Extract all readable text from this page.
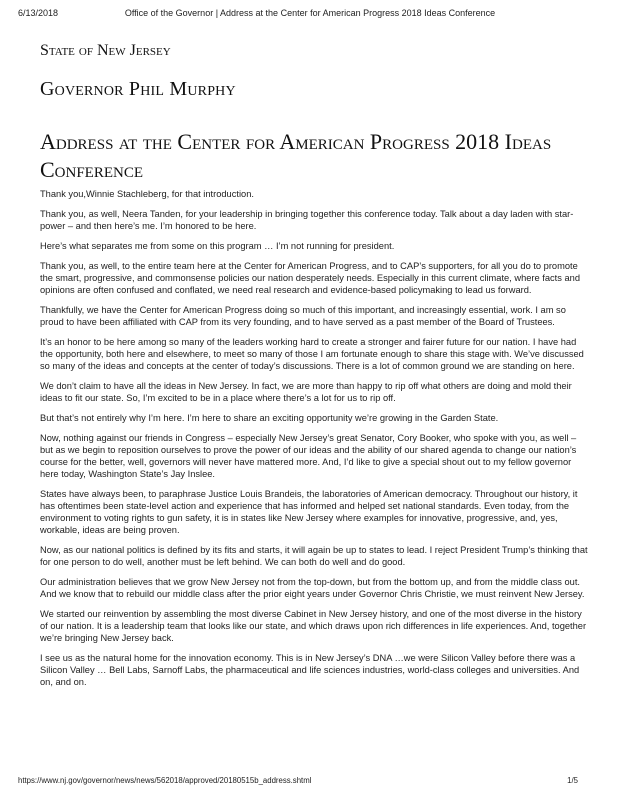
6/13/2018	Office of the Governor | Address at the Center for American Progress 2018 Ideas Conference
State of New Jersey
Governor Phil Murphy
Address at the Center for American Progress 2018 Ideas Conference

Thank you,Winnie Stachleberg, for that introduction.

Thank you, as well, Neera Tanden, for your leadership in bringing together this conference today. Talk about a day laden with star-power – and then here’s me. I’m honored to be here.

Here’s what separates me from some on this program … I’m not running for president.

Thank you, as well, to the entire team here at the Center for American Progress, and to CAP’s supporters, for all you do to promote the smart, progressive, and commonsense policies our nation desperately needs. Especially in this current climate, where facts and opinions are often confused and conflated, we need real research and evidence-based policymaking to lead us forward.

Thankfully, we have the Center for American Progress doing so much of this important, and increasingly essential, work. I am so proud to have been affiliated with CAP from its very founding, and to have served as a past member of the Board of Trustees.

It’s an honor to be here among so many of the leaders working hard to create a stronger and fairer future for our nation. I have had the opportunity, both here and elsewhere, to meet so many of those I am fortunate enough to share this stage with. We’ve discussed so many of the ideas and concepts at the center of today’s discussions. There is a lot of common ground we are standing on here.

We don’t claim to have all the ideas in New Jersey. In fact, we are more than happy to rip off what others are doing and mold their ideas to fit our state. So, I’m excited to be in a place where there’s a lot for us to rip off.

But that’s not entirely why I’m here. I’m here to share an exciting opportunity we’re growing in the Garden State.

Now, nothing against our friends in Congress – especially New Jersey’s great Senator, Cory Booker, who spoke with you, as well – but as we begin to reposition ourselves to prove the power of our ideas and the ability of our shared agenda to change our nation’s course for the better, well, governors will never have mattered more. And, I’d like to give a special shout out to my fellow governor here today, Washington State’s Jay Inslee.

States have always been, to paraphrase Justice Louis Brandeis, the laboratories of American democracy. Throughout our history, it has oftentimes been state-level action and experience that has informed and helped set national standards. Even today, from the environment to voting rights to gun safety, it is in states like New Jersey where examples for innovative, progressive, and, yes, workable, ideas are being proven.

Now, as our national politics is defined by its fits and starts, it will again be up to states to lead. I reject President Trump’s thinking that for one person to do well, another must be left behind. We can both do well and do good.

Our administration believes that we grow New Jersey not from the top-down, but from the bottom up, and from the middle class out. And we know that to rebuild our middle class after the prior eight years under Governor Chris Christie, we must reinvent New Jersey.

We started our reinvention by assembling the most diverse Cabinet in New Jersey history, and one of the most diverse in the history of our nation. It is a leadership team that looks like our state, and which draws upon rich differences in life experiences. And, together we’re bringing New Jersey back.

I see us as the natural home for the innovation economy. This is in New Jersey’s DNA …we were Silicon Valley before there was a Silicon Valley … Bell Labs, Sarnoff Labs, the pharmaceutical and life sciences industries, world-class colleges and universities. And on, and on.

https://www.nj.gov/governor/news/news/562018/approved/20180515b_address.shtml	1/5
